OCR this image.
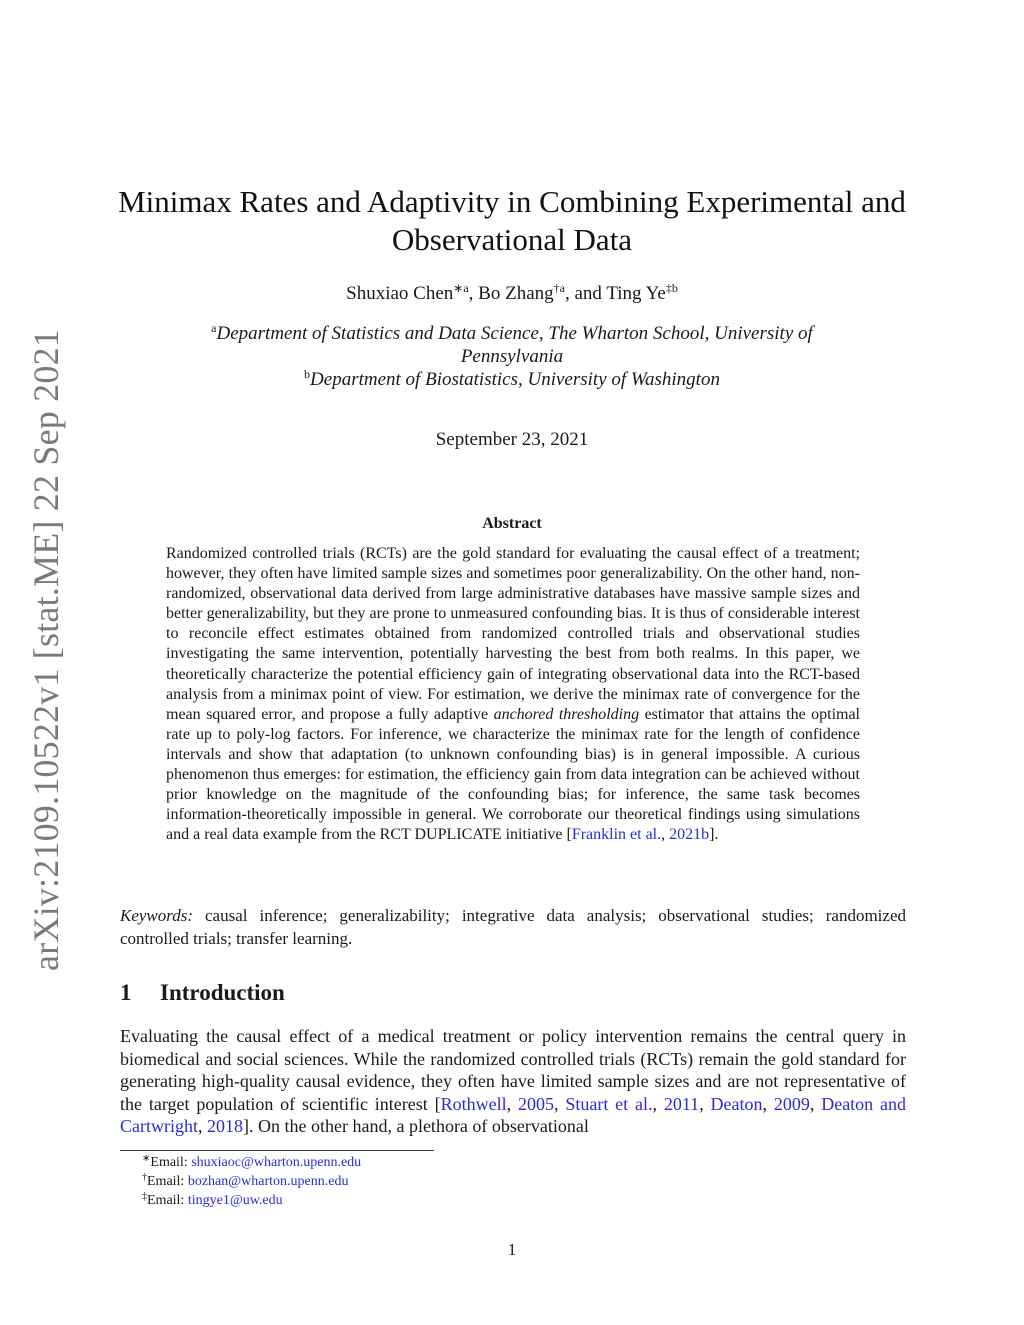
arXiv:2109.10522v1 [stat.ME] 22 Sep 2021
Minimax Rates and Adaptivity in Combining Experimental and
Observational Data
Shuxiao Chen$^{∗a}$, Bo Zhang$^{\dagger a}$, and Ting Ye$^{\ddagger b}$
$^a$Department of Statistics and Data Science, The Wharton School, University of
Pennsylvania
$^b$Department of Biostatistics, University of Washington
September 23, 2021
Abstract
Randomized controlled trials (RCTs) are the gold standard for evaluating the causal effect of a treatment; however, they often have limited sample sizes and sometimes poor generalizability. On the other hand, non-randomized, observational data derived from large administrative databases have massive sample sizes and better generalizability, but they are prone to unmeasured confounding bias. It is thus of considerable interest to reconcile effect estimates obtained from randomized controlled trials and observational studies investigating the same intervention, potentially harvesting the best from both realms. In this paper, we theoretically characterize the potential efficiency gain of integrating observational data into the RCT-based analysis from a minimax point of view. For estimation, we derive the minimax rate of convergence for the mean squared error, and propose a fully adaptive anchored thresholding estimator that attains the optimal rate up to poly-log factors. For inference, we characterize the minimax rate for the length of confidence intervals and show that adaptation (to unknown confounding bias) is in general impossible. A curious phenomenon thus emerges: for estimation, the efficiency gain from data integration can be achieved without prior knowledge on the magnitude of the confounding bias; for inference, the same task becomes information-theoretically impossible in general. We corroborate our theoretical findings using simulations and a real data example from the RCT DUPLICATE initiative [Franklin et al., 2021b].
Keywords: causal inference; generalizability; integrative data analysis; observational studies; randomized controlled trials; transfer learning.
1 Introduction
Evaluating the causal effect of a medical treatment or policy intervention remains the central query in biomedical and social sciences. While the randomized controlled trials (RCTs) remain the gold standard for generating high-quality causal evidence, they often have limited sample sizes and are not representative of the target population of scientific interest [Rothwell, 2005, Stuart et al., 2011, Deaton, 2009, Deaton and Cartwright, 2018]. On the other hand, a plethora of observational
∗Email: shuxiaoc@wharton.upenn.edu
†Email: bozhan@wharton.upenn.edu
‡Email: tingye1@uw.edu
1
